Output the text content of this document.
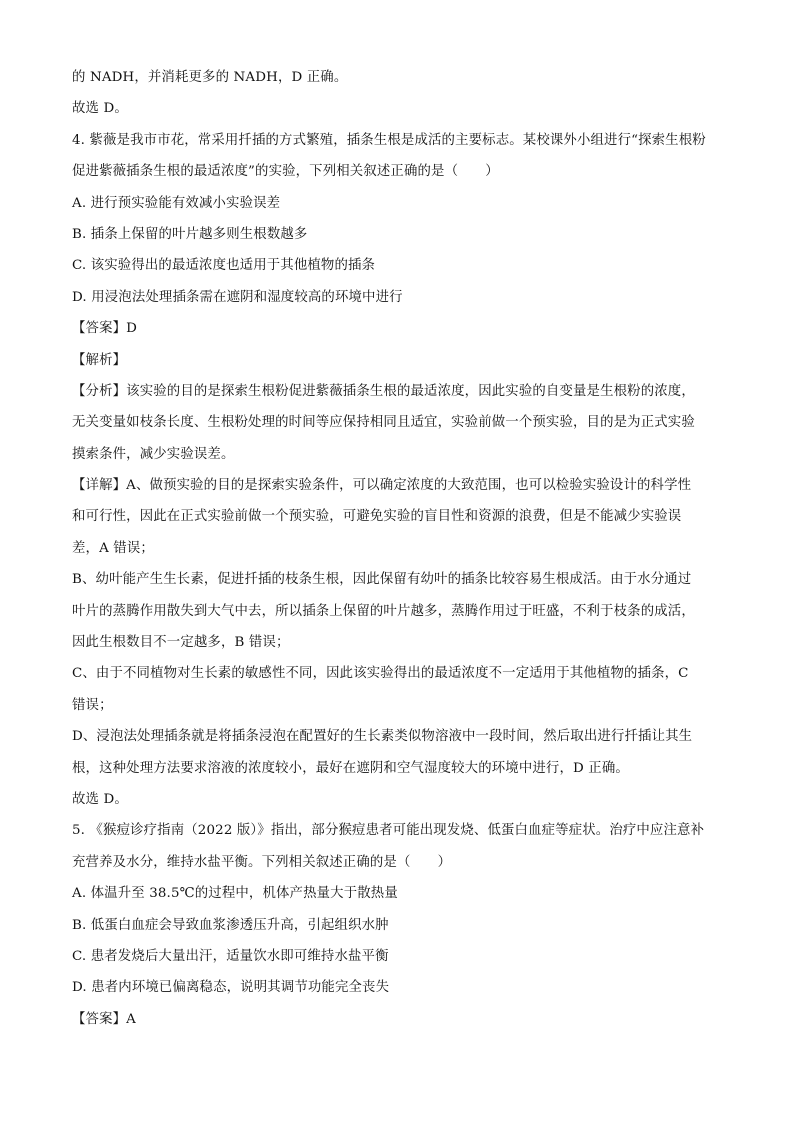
的 NADH，并消耗更多的 NADH，D 正确。
故选 D。
4. 紫薇是我市市花，常采用扦插的方式繁殖，插条生根是成活的主要标志。某校课外小组进行“探索生根粉
促进紫薇插条生根的最适浓度”的实验，下列相关叙述正确的是（　　）
A. 进行预实验能有效减小实验误差
B. 插条上保留的叶片越多则生根数越多
C. 该实验得出的最适浓度也适用于其他植物的插条
D. 用浸泡法处理插条需在遮阴和湿度较高的环境中进行
【答案】D
【解析】
【分析】该实验的目的是探索生根粉促进紫薇插条生根的最适浓度，因此实验的自变量是生根粉的浓度，
无关变量如枝条长度、生根粉处理的时间等应保持相同且适宜，实验前做一个预实验，目的是为正式实验
摸索条件，减少实验误差。
【详解】A、做预实验的目的是探索实验条件，可以确定浓度的大致范围，也可以检验实验设计的科学性
和可行性，因此在正式实验前做一个预实验，可避免实验的盲目性和资源的浪费，但是不能减少实验误
差，A 错误；
B、幼叶能产生生长素，促进扦插的枝条生根，因此保留有幼叶的插条比较容易生根成活。由于水分通过
叶片的蒸腾作用散失到大气中去，所以插条上保留的叶片越多，蒸腾作用过于旺盛，不利于枝条的成活，
因此生根数目不一定越多，B 错误；
C、由于不同植物对生长素的敏感性不同，因此该实验得出的最适浓度不一定适用于其他植物的插条，C
错误；
D、浸泡法处理插条就是将插条浸泡在配置好的生长素类似物溶液中一段时间，然后取出进行扦插让其生
根，这种处理方法要求溶液的浓度较小，最好在遮阴和空气湿度较大的环境中进行，D 正确。
故选 D。
5. 《猴痘诊疗指南（2022 版）》指出，部分猴痘患者可能出现发烧、低蛋白血症等症状。治疗中应注意补
充营养及水分，维持水盐平衡。下列相关叙述正确的是（　　）
A. 体温升至 38.5℃的过程中，机体产热量大于散热量
B. 低蛋白血症会导致血浆渗透压升高，引起组织水肿
C. 患者发烧后大量出汗，适量饮水即可维持水盐平衡
D. 患者内环境已偏离稳态，说明其调节功能完全丧失
【答案】A
